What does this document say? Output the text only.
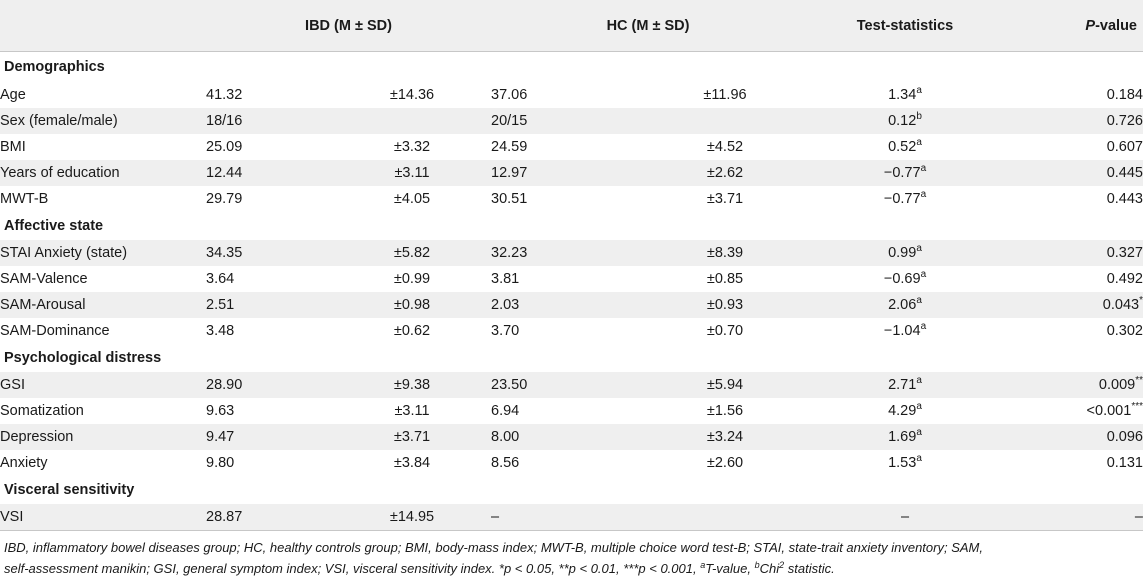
	IBD (M ± SD)		HC (M ± SD)		Test-statistics	P-value
Demographics						
Age	41.32	±14.36	37.06	±11.96	1.34$^a$	0.184
Sex (female/male)	18/16		20/15		0.12$^b$	0.726
BMI	25.09	±3.32	24.59	±4.52	0.52$^a$	0.607
Years of education	12.44	±3.11	12.97	±2.62	−0.77$^a$	0.445
MWT-B	29.79	±4.05	30.51	±3.71	−0.77$^a$	0.443
Affective state						
STAI Anxiety (state)	34.35	±5.82	32.23	±8.39	0.99$^a$	0.327
SAM-Valence	3.64	±0.99	3.81	±0.85	−0.69$^a$	0.492
SAM-Arousal	2.51	±0.98	2.03	±0.93	2.06$^a$	0.043*
SAM-Dominance	3.48	±0.62	3.70	±0.70	−1.04$^a$	0.302
Psychological distress						
GSI	28.90	±9.38	23.50	±5.94	2.71$^a$	0.009**
Somatization	9.63	±3.11	6.94	±1.56	4.29$^a$	<0.001***
Depression	9.47	±3.71	8.00	±3.24	1.69$^a$	0.096
Anxiety	9.80	±3.84	8.56	±2.60	1.53$^a$	0.131
Visceral sensitivity						
VSI	28.87	±14.95	–		–	–
IBD, inflammatory bowel diseases group; HC, healthy controls group; BMI, body-mass index; MWT-B, multiple choice word test-B; STAI, state-trait anxiety inventory; SAM,
self-assessment manikin; GSI, general symptom index; VSI, visceral sensitivity index. *p < 0.05, **p < 0.01, ***p < 0.001, $^a$T-value, $^b$Chi$^2$ statistic.
